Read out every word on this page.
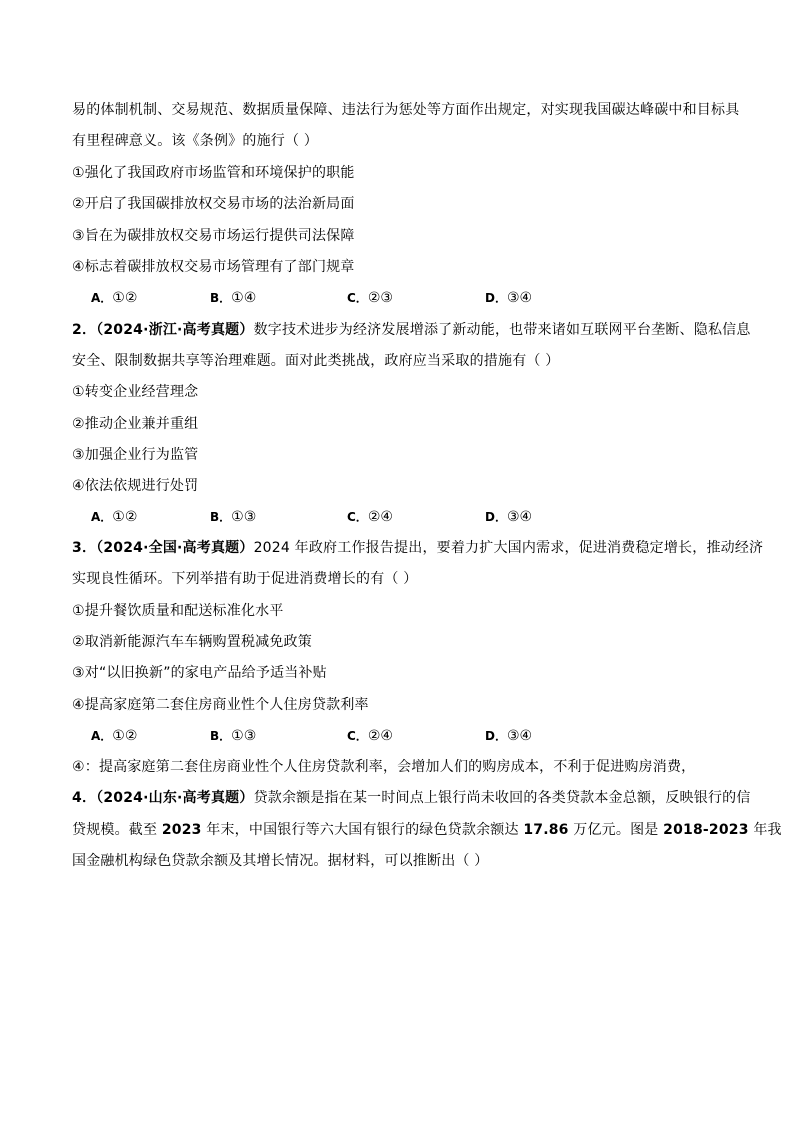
易的体制机制、交易规范、数据质量保障、违法行为惩处等方面作出规定，对实现我国碳达峰碳中和目标具
有里程碑意义。该《条例》的施行（ ）
①强化了我国政府市场监管和环境保护的职能
②开启了我国碳排放权交易市场的法治新局面
③旨在为碳排放权交易市场运行提供司法保障
④标志着碳排放权交易市场管理有了部门规章
A．①②	B．①④	C．②③	D．③④
2．（2024·浙江·高考真题）数字技术进步为经济发展增添了新动能，也带来诸如互联网平台垄断、隐私信息
安全、限制数据共享等治理难题。面对此类挑战，政府应当采取的措施有（ ）
①转变企业经营理念
②推动企业兼并重组
③加强企业行为监管
④依法依规进行处罚
A．①②	B．①③	C．②④	D．③④
3．（2024·全国·高考真题）2024 年政府工作报告提出，要着力扩大国内需求，促进消费稳定增长，推动经济
实现良性循环。下列举措有助于促进消费增长的有（ ）
①提升餐饮质量和配送标准化水平
②取消新能源汽车车辆购置税减免政策
③对“以旧换新”的家电产品给予适当补贴
④提高家庭第二套住房商业性个人住房贷款利率
A．①②	B．①③	C．②④	D．③④
④：提高家庭第二套住房商业性个人住房贷款利率，会增加人们的购房成本，不利于促进购房消费，
4．（2024·山东·高考真题）贷款余额是指在某一时间点上银行尚未收回的各类贷款本金总额，反映银行的信
贷规模。截至 2023 年末，中国银行等六大国有银行的绿色贷款余额达 17.86 万亿元。图是 2018-2023 年我
国金融机构绿色贷款余额及其增长情况。据材料，可以推断出（ ）
